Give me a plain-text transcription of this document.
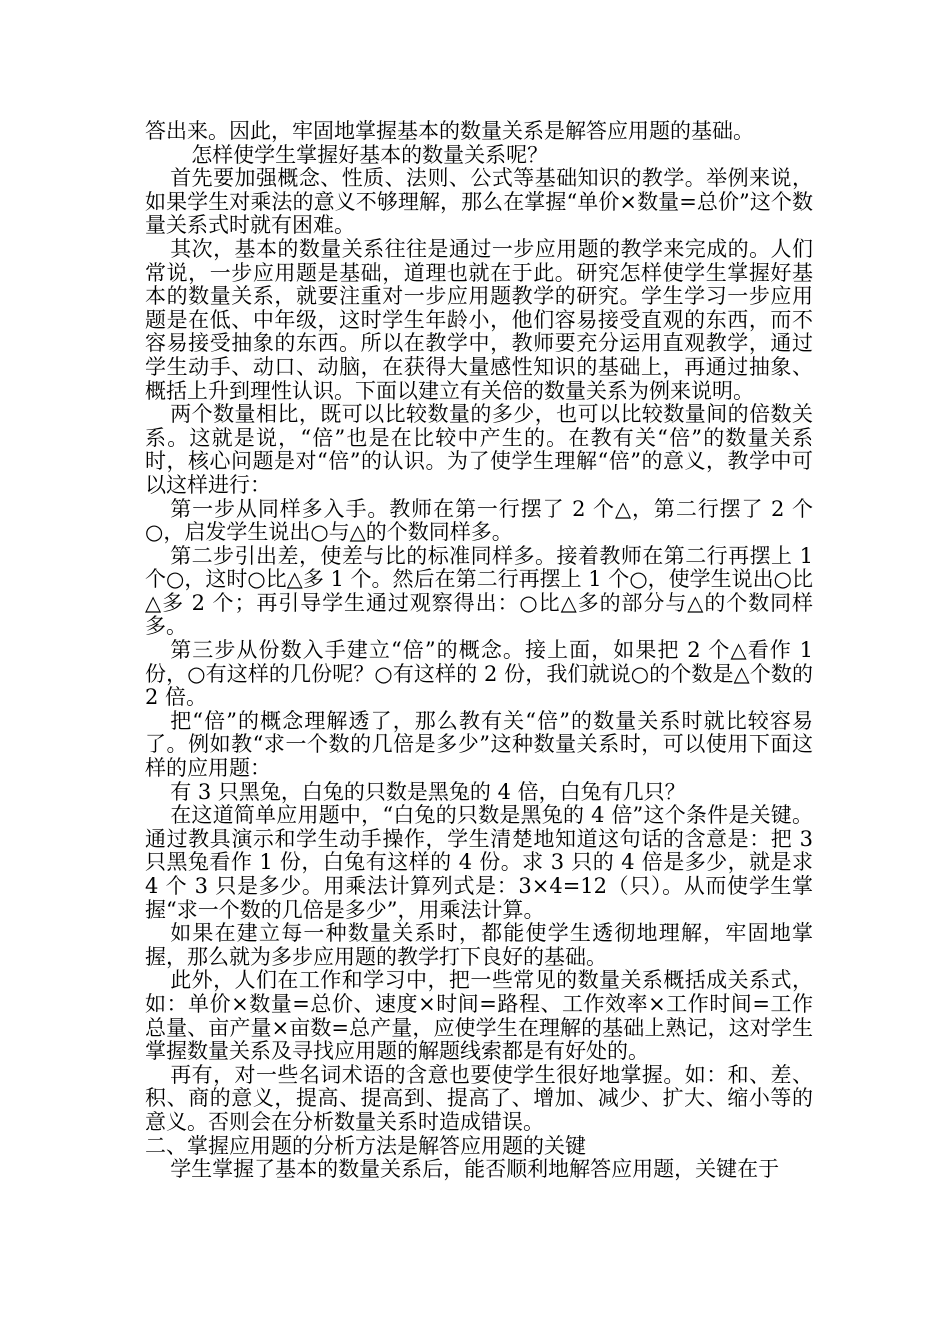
答出来。因此，牢固地掌握基本的数量关系是解答应用题的基础。

怎样使学生掌握好基本的数量关系呢？

首先要加强概念、性质、法则、公式等基础知识的教学。举例来说，如果学生对乘法的意义不够理解，那么在掌握“单价×数量=总价”这个数量关系式时就有困难。

其次，基本的数量关系往往是通过一步应用题的教学来完成的。人们常说，一步应用题是基础，道理也就在于此。研究怎样使学生掌握好基本的数量关系，就要注重对一步应用题教学的研究。学生学习一步应用题是在低、中年级，这时学生年龄小，他们容易接受直观的东西，而不容易接受抽象的东西。所以在教学中，教师要充分运用直观教学，通过学生动手、动口、动脑，在获得大量感性知识的基础上，再通过抽象、概括上升到理性认识。下面以建立有关倍的数量关系为例来说明。

两个数量相比，既可以比较数量的多少，也可以比较数量间的倍数关系。这就是说，“倍”也是在比较中产生的。在教有关“倍”的数量关系时，核心问题是对“倍”的认识。为了使学生理解“倍”的意义，教学中可以这样进行：

第一步从同样多入手。教师在第一行摆了 2 个△，第二行摆了 2 个○，启发学生说出○与△的个数同样多。

第二步引出差，使差与比的标准同样多。接着教师在第二行再摆上 1 个○，这时○比△多 1 个。然后在第二行再摆上 1 个○，使学生说出○比△多 2 个；再引导学生通过观察得出：○比△多的部分与△的个数同样多。

第三步从份数入手建立“倍”的概念。接上面，如果把 2 个△看作 1 份，○有这样的几份呢？○有这样的 2 份，我们就说○的个数是△个数的 2 倍。

把“倍”的概念理解透了，那么教有关“倍”的数量关系时就比较容易了。例如教“求一个数的几倍是多少”这种数量关系时，可以使用下面这样的应用题：

有 3 只黑兔，白兔的只数是黑兔的 4 倍，白兔有几只？

在这道简单应用题中，“白兔的只数是黑兔的 4 倍”这个条件是关键。通过教具演示和学生动手操作，学生清楚地知道这句话的含意是：把 3 只黑兔看作 1 份，白兔有这样的 4 份。求 3 只的 4 倍是多少，就是求 4 个 3 只是多少。用乘法计算列式是：3×4=12（只）。从而使学生掌握“求一个数的几倍是多少”，用乘法计算。

如果在建立每一种数量关系时，都能使学生透彻地理解，牢固地掌握，那么就为多步应用题的教学打下良好的基础。

此外，人们在工作和学习中，把一些常见的数量关系概括成关系式，如：单价×数量=总价、速度×时间=路程、工作效率×工作时间=工作总量、亩产量×亩数=总产量，应使学生在理解的基础上熟记，这对学生掌握数量关系及寻找应用题的解题线索都是有好处的。

再有，对一些名词术语的含意也要使学生很好地掌握。如：和、差、积、商的意义，提高、提高到、提高了、增加、减少、扩大、缩小等的意义。否则会在分析数量关系时造成错误。

二、掌握应用题的分析方法是解答应用题的关键

学生掌握了基本的数量关系后，能否顺利地解答应用题，关键在于
